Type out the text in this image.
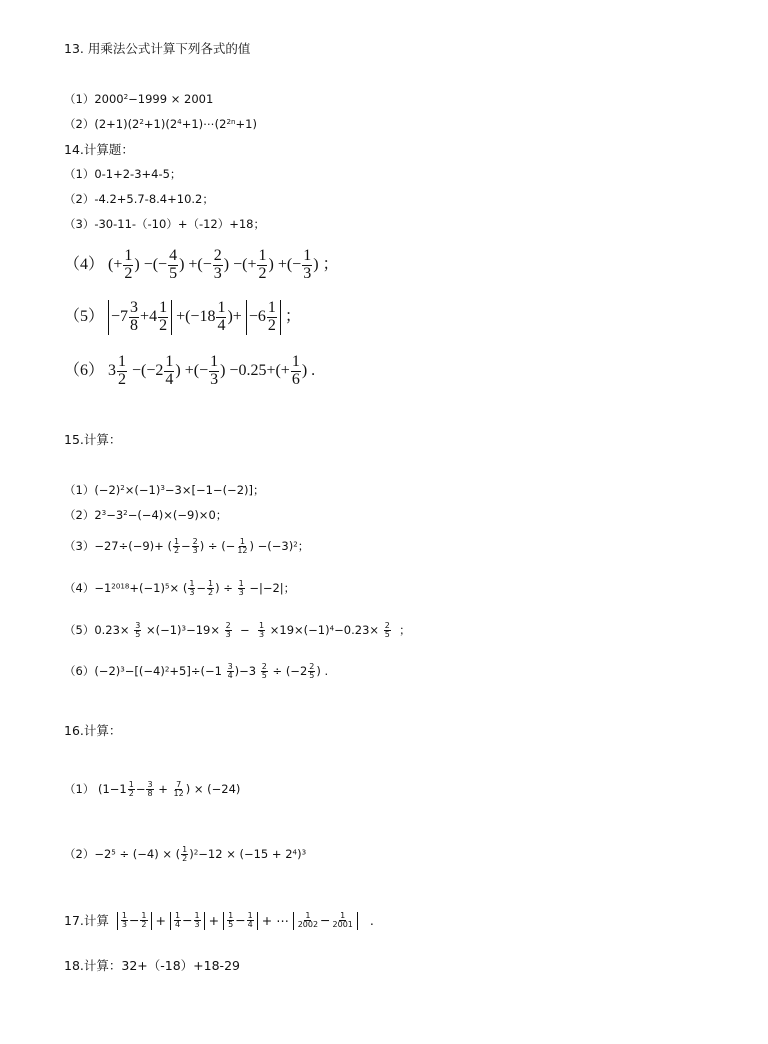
13. 用乘法公式计算下列各式的值
$(1)2000^2-1999 \times 2001$
$(2)(2+1)(2^2+1)(2^4+1)\cdots(2^{2n}+1)$
14.计算题：
（1）0-1+2-3+4-5；
（2）-4.2+5.7-8.4+10.2；
（3）-30-11-（-10）+（-12）+18；
（4） (+ $\frac{1}{2}$ ) −(− $\frac{4}{5}$ ) +(− $\frac{2}{3}$ ) −(+ $\frac{1}{2}$ ) +(− $\frac{1}{3}$ ) ；
$(5) -7 \frac{3}{8} +4 \frac{1}{2} +(-18 \frac{1}{4}$ )+ $-6 \frac{1}{2}$ ；
（6） $3 \frac{1}{2} -(-2 \frac{1}{4}$ ) +(− $\frac{1}{3}$ ) $-0.25+(+ \frac{1}{6}$ ) .
15.计算：
$(1)(-2)^2\times(-1)^3-3\times[-1-(-2)]$；
$(2)2^3-3^2-(-4)\times(-9)\times 0$；
（3）−27÷(−9)+ ( $\frac{1}{2} - \frac{2}{3}$ ) ÷ (− $\frac{1}{12}$ ) $-(-3)^2$；
$(4)-1^{2018}+(-1)^5\times$ ( $\frac{1}{3} - \frac{1}{2}$ ) ÷ $\frac{1}{3} -|-2|$；
$(5)0.23\times \frac{3}{5} \times(-1)^3-19\times \frac{2}{3} - \frac{1}{3} \times 19\times(-1)^4-0.23\times \frac{2}{5}$ ；
$(6)(-2)^3-[(-4)^2+5]\div(-1 \frac{3}{4} )-3 \frac{2}{5} \div (-2 \frac{2}{5}$ ) .
16.计算：
（1） ($1-1 \frac{1}{2} - \frac{3}{8} + \frac{7}{12}$ ) × (−24)
$(2)-2^5 \div (-4)$ × ( $\frac{1}{2} )^2-12 \times (-15 + 2^4)^3$
17.计算 $\frac{1}{3} - \frac{1}{2} + \frac{1}{4} - \frac{1}{3} + \frac{1}{5} - \frac{1}{4}$ + ⋯ $\frac{1}{2002} - \frac{1}{2001}$ .
18.计算：32+（-18）+18-29
